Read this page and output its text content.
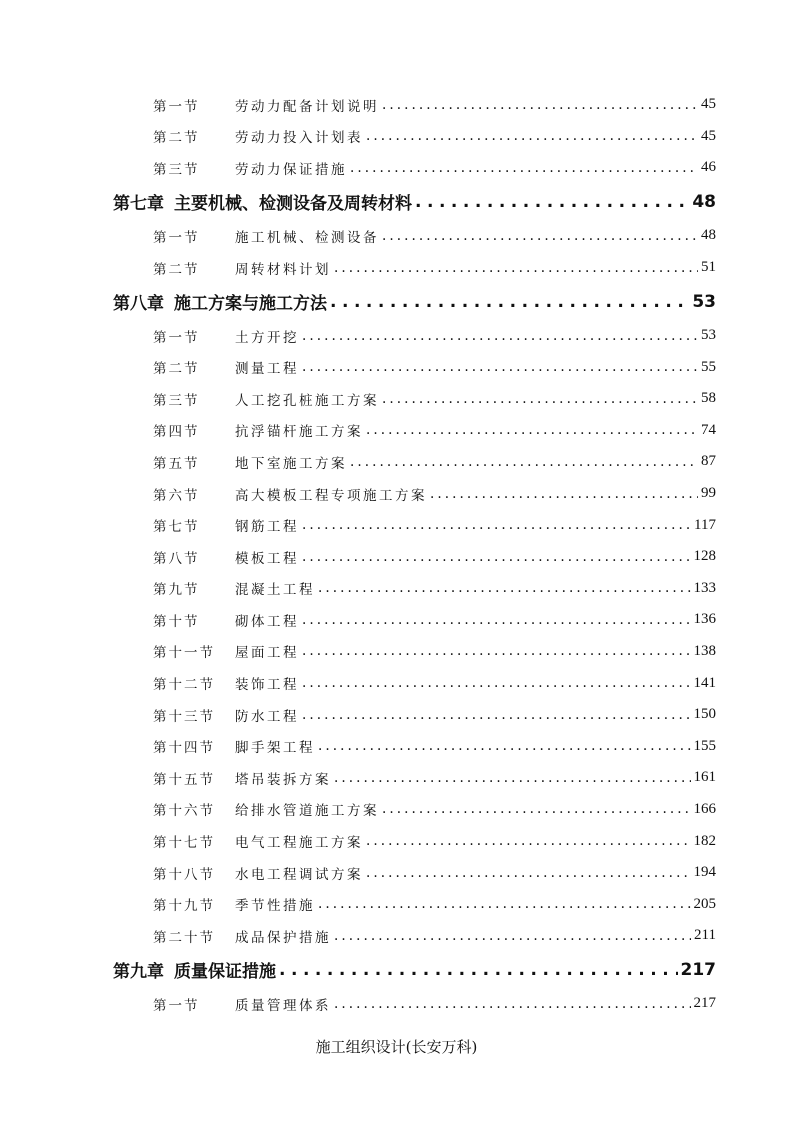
第一节	劳动力配备计划说明 . . .	45
第二节	劳动力投入计划表 . . .	45
第三节	劳动力保证措施 . . .	46
第七章 主要机械、检测设备及周转材料 . . .	48
第一节	施工机械、检测设备 . . .	48
第二节	周转材料计划 . . .	51
第八章 施工方案与施工方法 . . .	53
第一节	土方开挖 . . .	53
第二节	测量工程 . . .	55
第三节	人工挖孔桩施工方案 . . .	58
第四节	抗浮锚杆施工方案 . . .	74
第五节	地下室施工方案 . . .	87
第六节	高大模板工程专项施工方案 . . .	99
第七节	钢筋工程 . . .	117
第八节	模板工程 . . .	128
第九节	混凝土工程 . . .	133
第十节	砌体工程 . . .	136
第十一节	屋面工程 . . .	138
第十二节	装饰工程 . . .	141
第十三节	防水工程 . . .	150
第十四节	脚手架工程 . . .	155
第十五节	塔吊装拆方案 . . .	161
第十六节	给排水管道施工方案 . . .	166
第十七节	电气工程施工方案 . . .	182
第十八节	水电工程调试方案 . . .	194
第十九节	季节性措施 . . .	205
第二十节	成品保护措施 . . .	211
第九章 质量保证措施 . . .	217
第一节	质量管理体系 . . .	217
施工组织设计(长安万科)
